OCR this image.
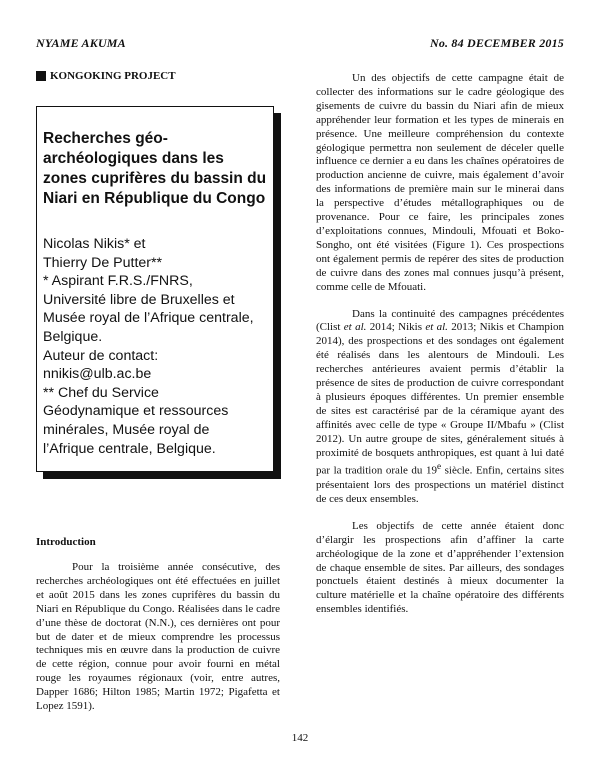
NYAME AKUMA	No. 84 DECEMBER 2015
KONGOKING PROJECT
Recherches géo-archéologiques dans les zones cuprifères du bassin du Niari en République du Congo
Nicolas Nikis* et
Thierry De Putter**
* Aspirant F.R.S./FNRS,
Université libre de Bruxelles et
Musée royal de l’Afrique centrale,
Belgique.
Auteur de contact:
nnikis@ulb.ac.be
** Chef du Service
Géodynamique et ressources
minérales, Musée royal de
l’Afrique centrale, Belgique.
Introduction

Pour la troisième année consécutive, des recherches archéologiques ont été effectuées en juillet et août 2015 dans les zones cuprifères du bassin du Niari en République du Congo. Réalisées dans le cadre d’une thèse de doctorat (N.N.), ces dernières ont pour but de dater et de mieux comprendre les processus techniques mis en œuvre dans la production de cuivre de cette région, connue pour avoir fourni en métal rouge les royaumes régionaux (voir, entre autres, Dapper 1686; Hilton 1985; Martin 1972; Pigafetta et Lopez 1591).

Un des objectifs de cette campagne était de collecter des informations sur le cadre géologique des gisements de cuivre du bassin du Niari afin de mieux appréhender leur formation et les types de minerais en présence. Une meilleure compréhension du contexte géologique permettra non seulement de déceler quelle influence ce dernier a eu dans les chaînes opératoires de production ancienne de cuivre, mais également d’avoir des informations de première main sur le minerai dans la perspective d’études métallographiques ou de provenance. Pour ce faire, les principales zones d’exploitations connues, Mindouli, Mfouati et Boko-Songho, ont été visitées (Figure 1). Ces prospections ont également permis de repérer des sites de production de cuivre dans des zones mal connues jusqu’à présent, comme celle de Mfouati.

Dans la continuité des campagnes précédentes (Clist et al. 2014; Nikis et al. 2013; Nikis et Champion 2014), des prospections et des sondages ont également été réalisés dans les alentours de Mindouli. Les recherches antérieures avaient permis d’établir la présence de sites de production de cuivre correspondant à plusieurs époques différentes. Un premier ensemble de sites est caractérisé par de la céramique ayant des affinités avec celle de type « Groupe II/Mbafu » (Clist 2012). Un autre groupe de sites, généralement situés à proximité de bosquets anthropiques, est quant à lui daté par la tradition orale du 19e siècle. Enfin, certains sites présentaient lors des prospections un matériel distinct de ces deux ensembles.

Les objectifs de cette année étaient donc d’élargir les prospections afin d’affiner la carte archéologique de la zone et d’appréhender l’extension de chaque ensemble de sites. Par ailleurs, des sondages ponctuels étaient destinés à mieux documenter la culture matérielle et la chaîne opératoire des différents ensembles identifiés.

142
